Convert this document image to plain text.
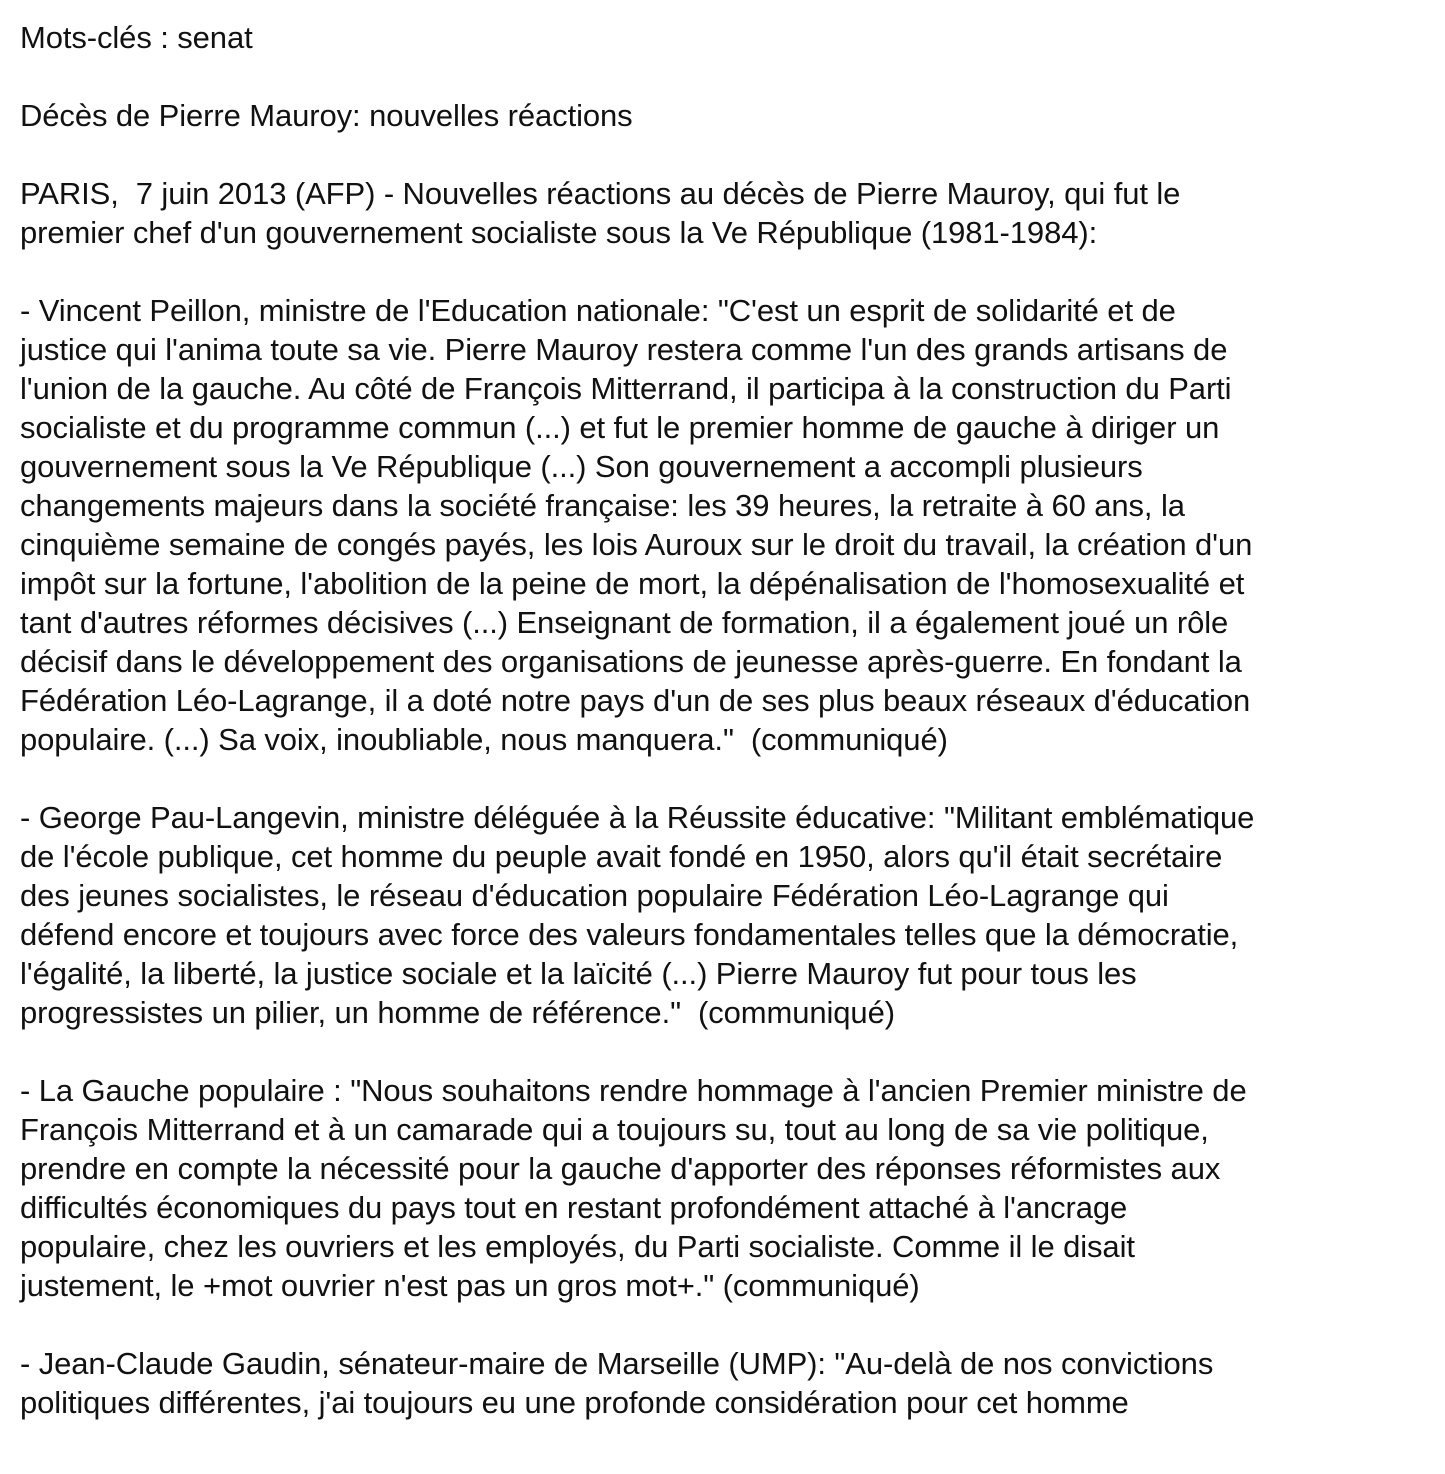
Mots-clés : senat
Décès de Pierre Mauroy: nouvelles réactions
PARIS,  7 juin 2013 (AFP) - Nouvelles réactions au décès de Pierre Mauroy, qui fut le
premier chef d'un gouvernement socialiste sous la Ve République (1981-1984):
- Vincent Peillon, ministre de l'Education nationale: "C'est un esprit de solidarité et de
justice qui l'anima toute sa vie. Pierre Mauroy restera comme l'un des grands artisans de
l'union de la gauche. Au côté de François Mitterrand, il participa à la construction du Parti
socialiste et du programme commun (...) et fut le premier homme de gauche à diriger un
gouvernement sous la Ve République (...) Son gouvernement a accompli plusieurs
changements majeurs dans la société française: les 39 heures, la retraite à 60 ans, la
cinquième semaine de congés payés, les lois Auroux sur le droit du travail, la création d'un
impôt sur la fortune, l'abolition de la peine de mort, la dépénalisation de l'homosexualité et
tant d'autres réformes décisives (...) Enseignant de formation, il a également joué un rôle
décisif dans le développement des organisations de jeunesse après-guerre. En fondant la
Fédération Léo-Lagrange, il a doté notre pays d'un de ses plus beaux réseaux d'éducation
populaire. (...) Sa voix, inoubliable, nous manquera."  (communiqué)
- George Pau-Langevin, ministre déléguée à la Réussite éducative: "Militant emblématique
de l'école publique, cet homme du peuple avait fondé en 1950, alors qu'il était secrétaire
des jeunes socialistes, le réseau d'éducation populaire Fédération Léo-Lagrange qui
défend encore et toujours avec force des valeurs fondamentales telles que la démocratie,
l'égalité, la liberté, la justice sociale et la laïcité (...) Pierre Mauroy fut pour tous les
progressistes un pilier, un homme de référence."  (communiqué)
- La Gauche populaire : "Nous souhaitons rendre hommage à l'ancien Premier ministre de
François Mitterrand et à un camarade qui a toujours su, tout au long de sa vie politique,
prendre en compte la nécessité pour la gauche d'apporter des réponses réformistes aux
difficultés économiques du pays tout en restant profondément attaché à l'ancrage
populaire, chez les ouvriers et les employés, du Parti socialiste. Comme il le disait
justement, le +mot ouvrier n'est pas un gros mot+." (communiqué)
- Jean-Claude Gaudin, sénateur-maire de Marseille (UMP): "Au-delà de nos convictions
politiques différentes, j'ai toujours eu une profonde considération pour cet homme
